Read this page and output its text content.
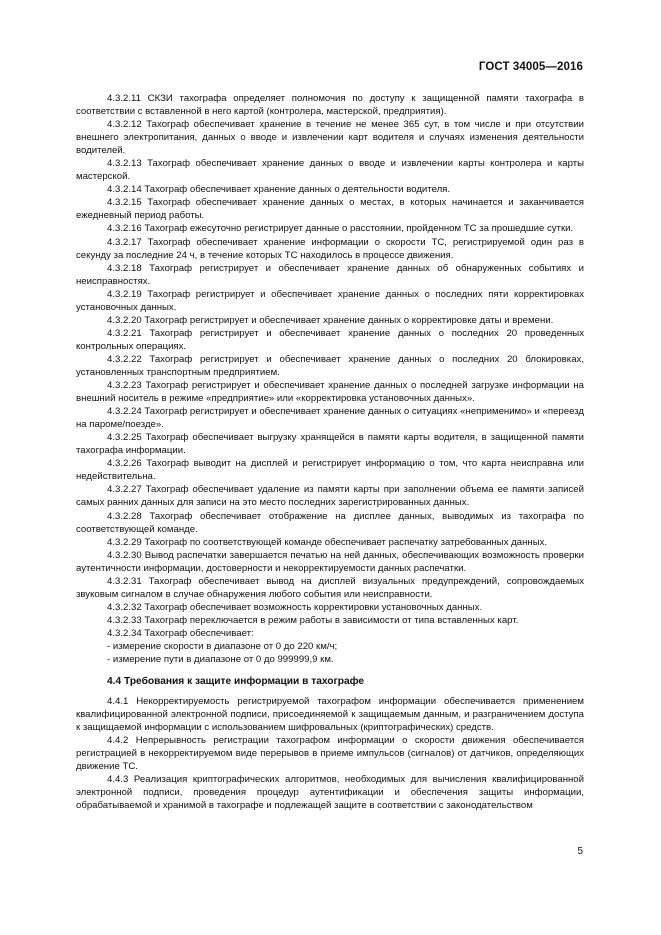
ГОСТ 34005—2016

4.3.2.11 СКЗИ тахографа определяет полномочия по доступу к защищенной памяти тахографа в соответствии с вставленной в него картой (контролера, мастерской, предприятия).

4.3.2.12 Тахограф обеспечивает хранение в течение не менее 365 сут, в том числе и при отсутствии внешнего электропитания, данных о вводе и извлечении карт водителя и случаях изменения деятельности водителей.

4.3.2.13 Тахограф обеспечивает хранение данных о вводе и извлечении карты контролера и карты мастерской.

4.3.2.14 Тахограф обеспечивает хранение данных о деятельности водителя.

4.3.2.15 Тахограф обеспечивает хранение данных о местах, в которых начинается и заканчивается ежедневный период работы.

4.3.2.16 Тахограф ежесуточно регистрирует данные о расстоянии, пройденном ТС за прошедшие сутки.

4.3.2.17 Тахограф обеспечивает хранение информации о скорости ТС, регистрируемой один раз в секунду за последние 24 ч, в течение которых ТС находилось в процессе движения.

4.3.2.18 Тахограф регистрирует и обеспечивает хранение данных об обнаруженных событиях и неисправностях.

4.3.2.19 Тахограф регистрирует и обеспечивает хранение данных о последних пяти корректировках установочных данных.

4.3.2.20 Тахограф регистрирует и обеспечивает хранение данных о корректировке даты и времени.

4.3.2.21 Тахограф регистрирует и обеспечивает хранение данных о последних 20 проведенных контрольных операциях.

4.3.2.22 Тахограф регистрирует и обеспечивает хранение данных о последних 20 блокировках, установленных транспортным предприятием.

4.3.2.23 Тахограф регистрирует и обеспечивает хранение данных о последней загрузке информации на внешний носитель в режиме «предприятие» или «корректировка установочных данных».

4.3.2.24 Тахограф регистрирует и обеспечивает хранение данных о ситуациях «неприменимо» и «переезд на пароме/поезде».

4.3.2.25 Тахограф обеспечивает выгрузку хранящейся в памяти карты водителя, в защищенной памяти тахографа информации.

4.3.2.26 Тахограф выводит на дисплей и регистрирует информацию о том, что карта неисправна или недействительна.

4.3.2.27 Тахограф обеспечивает удаление из памяти карты при заполнении объема ее памяти записей самых ранних данных для записи на это место последних зарегистрированных данных.

4.3.2.28 Тахограф обеспечивает отображение на дисплее данных, выводимых из тахографа по соответствующей команде.

4.3.2.29 Тахограф по соответствующей команде обеспечивает распечатку затребованных данных.

4.3.2.30 Вывод распечатки завершается печатью на ней данных, обеспечивающих возможность проверки аутентичности информации, достоверности и некорректируемости данных распечатки.

4.3.2.31 Тахограф обеспечивает вывод на дисплей визуальных предупреждений, сопровождаемых звуковым сигналом в случае обнаружения любого события или неисправности.

4.3.2.32 Тахограф обеспечивает возможность корректировки установочных данных.

4.3.2.33 Тахограф переключается в режим работы в зависимости от типа вставленных карт.

4.3.2.34 Тахограф обеспечивает:

- измерение скорости в диапазоне от 0 до 220 км/ч;

- измерение пути в диапазоне от 0 до 999999,9 км.

4.4 Требования к защите информации в тахографе

4.4.1 Некорректируемость регистрируемой тахографом информации обеспечивается применением квалифицированной электронной подписи, присоединяемой к защищаемым данным, и разграничением доступа к защищаемой информации с использованием шифровальных (криптографических) средств.

4.4.2 Непрерывность регистрации тахографом информации о скорости движения обеспечивается регистрацией в некорректируемом виде перерывов в приеме импульсов (сигналов) от датчиков, определяющих движение ТС.

4.4.3 Реализация криптографических алгоритмов, необходимых для вычисления квалифицированной электронной подписи, проведения процедур аутентификации и обеспечения защиты информации, обрабатываемой и хранимой в тахографе и подлежащей защите в соответствии с законодательством

5
